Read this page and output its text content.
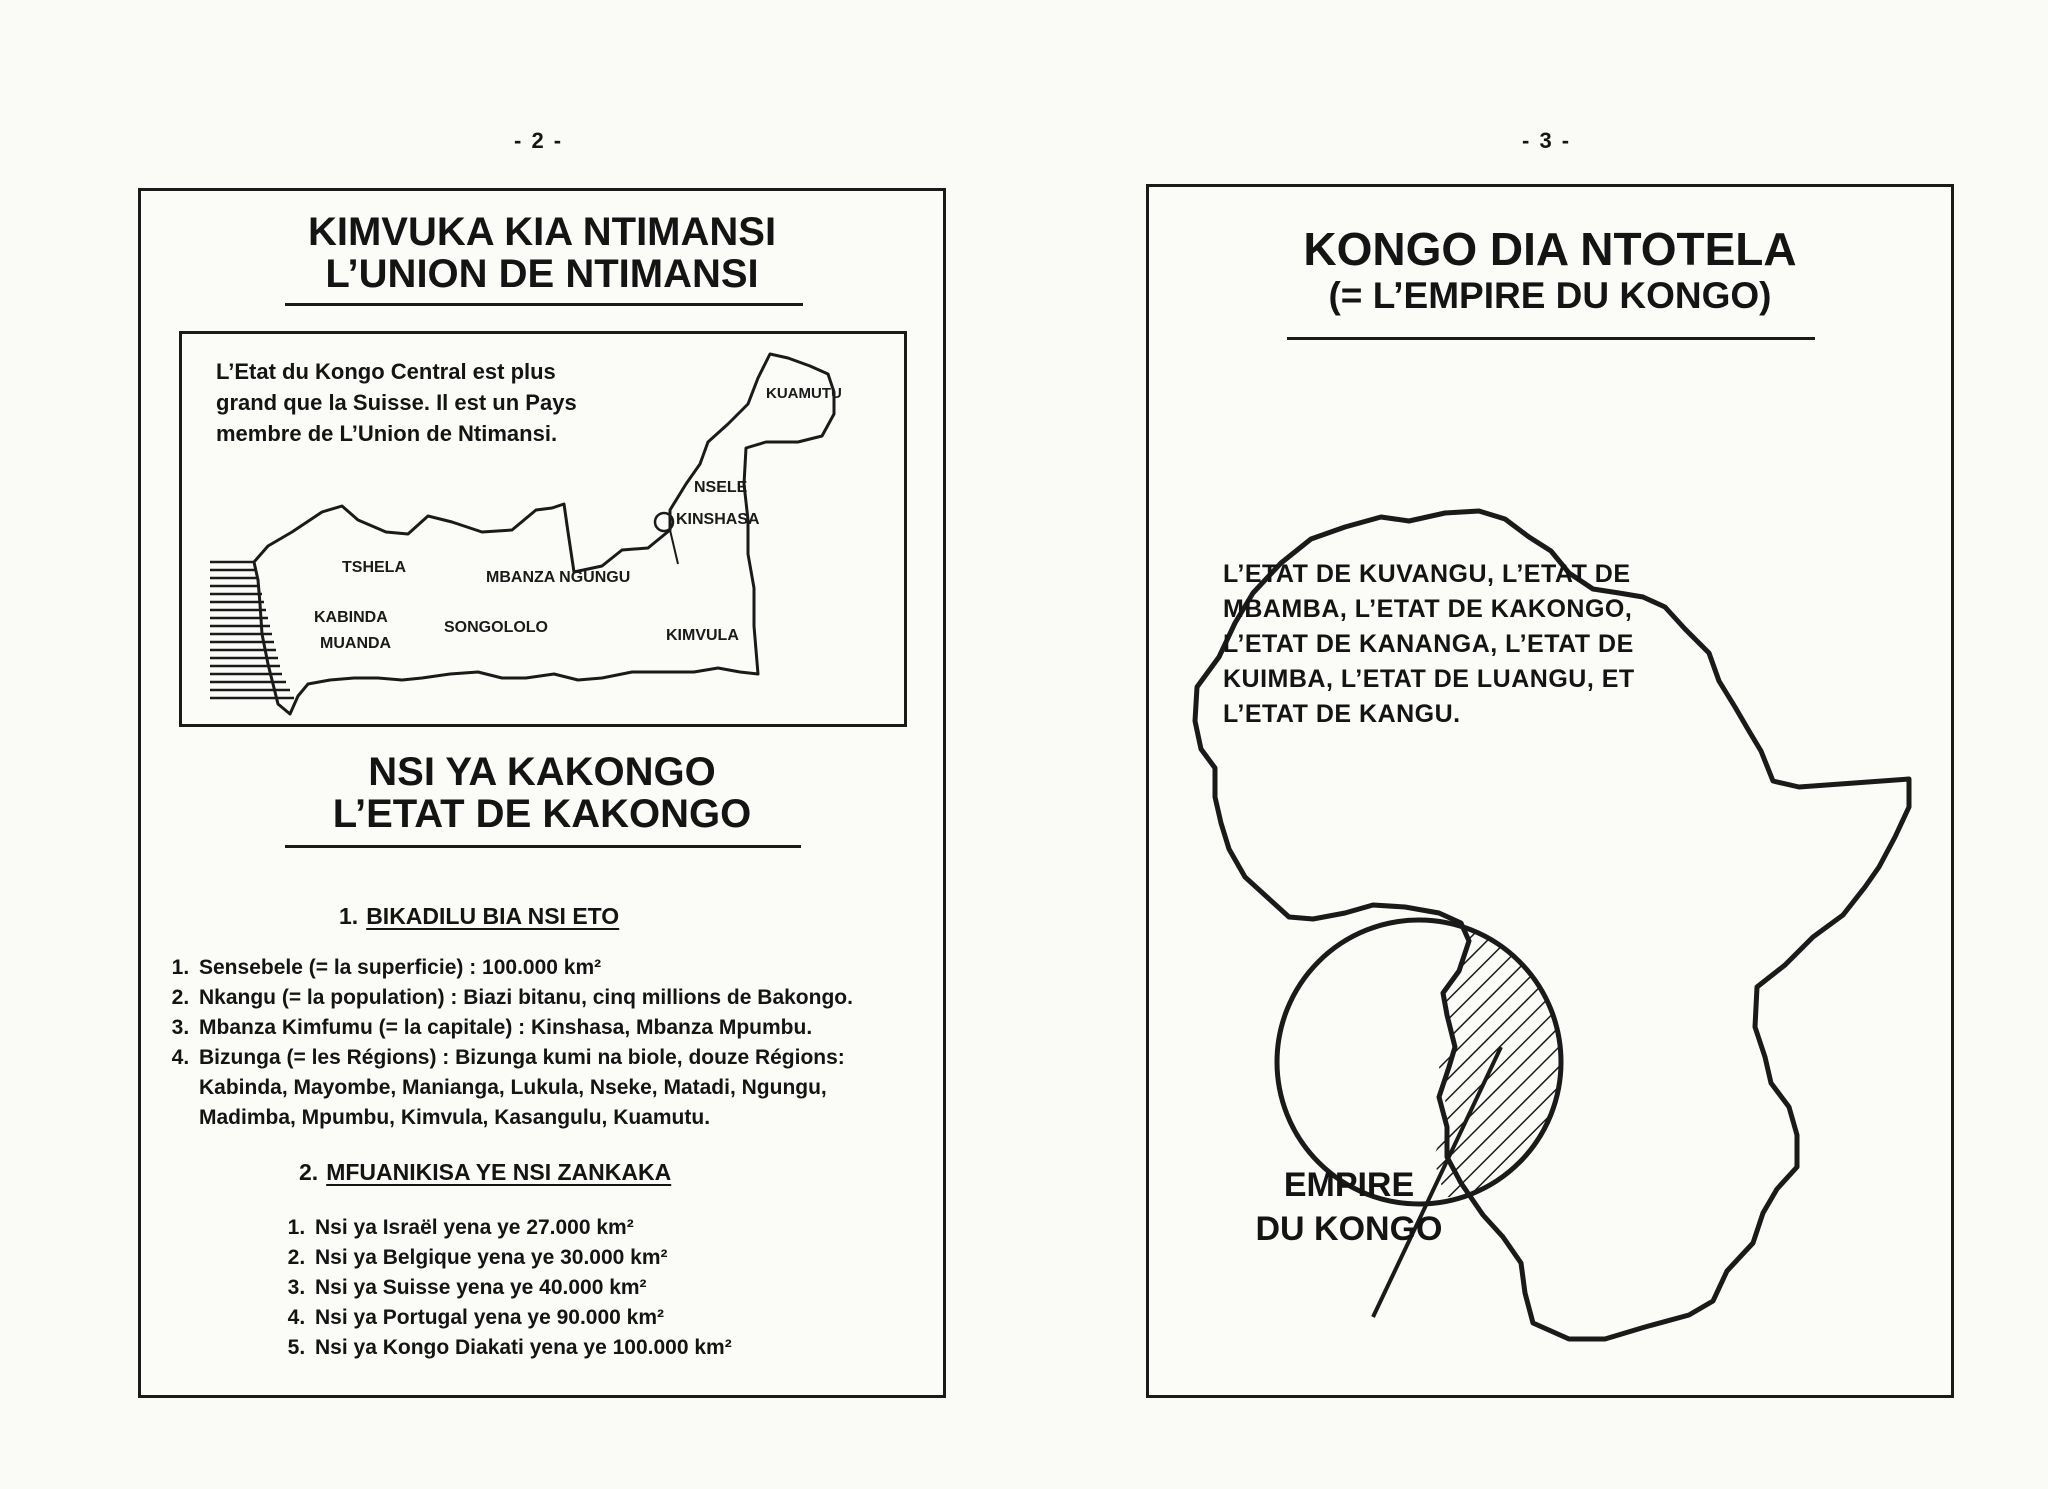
- 2 -
KIMVUKA KIA NTIMANSI
L’UNION DE NTIMANSI
L’Etat du Kongo Central est plus
grand que la Suisse. Il est un Pays
membre de L’Union de Ntimansi.
KUAMUTU
NSELE
KINSHASA
TSHELA
MBANZA NGUNGU
KABINDA
MUANDA
SONGOLOLO	KIMVULA
NSI YA KAKONGO
L’ETAT DE KAKONGO
1. BIKADILU BIA NSI ETO
1. Sensebele (= la superficie) : 100.000 km²
2. Nkangu (= la population) : Biazi bitanu, cinq millions de Bakongo.
3. Mbanza Kimfumu (= la capitale) : Kinshasa, Mbanza Mpumbu.
4. Bizunga (= les Régions) : Bizunga kumi na biole, douze Régions: Kabinda, Mayombe, Manianga, Lukula, Nseke, Matadi, Ngungu, Madimba, Mpumbu, Kimvula, Kasangulu, Kuamutu.
2. MFUANIKISA YE NSI ZANKAKA
1. Nsi ya Israël yena ye 27.000 km²
2. Nsi ya Belgique yena ye 30.000 km²
3. Nsi ya Suisse yena ye 40.000 km²
4. Nsi ya Portugal yena ye 90.000 km²
5. Nsi ya Kongo Diakati yena ye 100.000 km²
- 3 -
KONGO DIA NTOTELA
(= L’EMPIRE DU KONGO)
L’ETAT DE KUVANGU, L’ETAT DE
MBAMBA, L’ETAT DE KAKONGO,
L’ETAT DE KANANGA, L’ETAT DE
KUIMBA, L’ETAT DE LUANGU, ET
L’ETAT DE KANGU.
EMPIRE
DU KONGO
